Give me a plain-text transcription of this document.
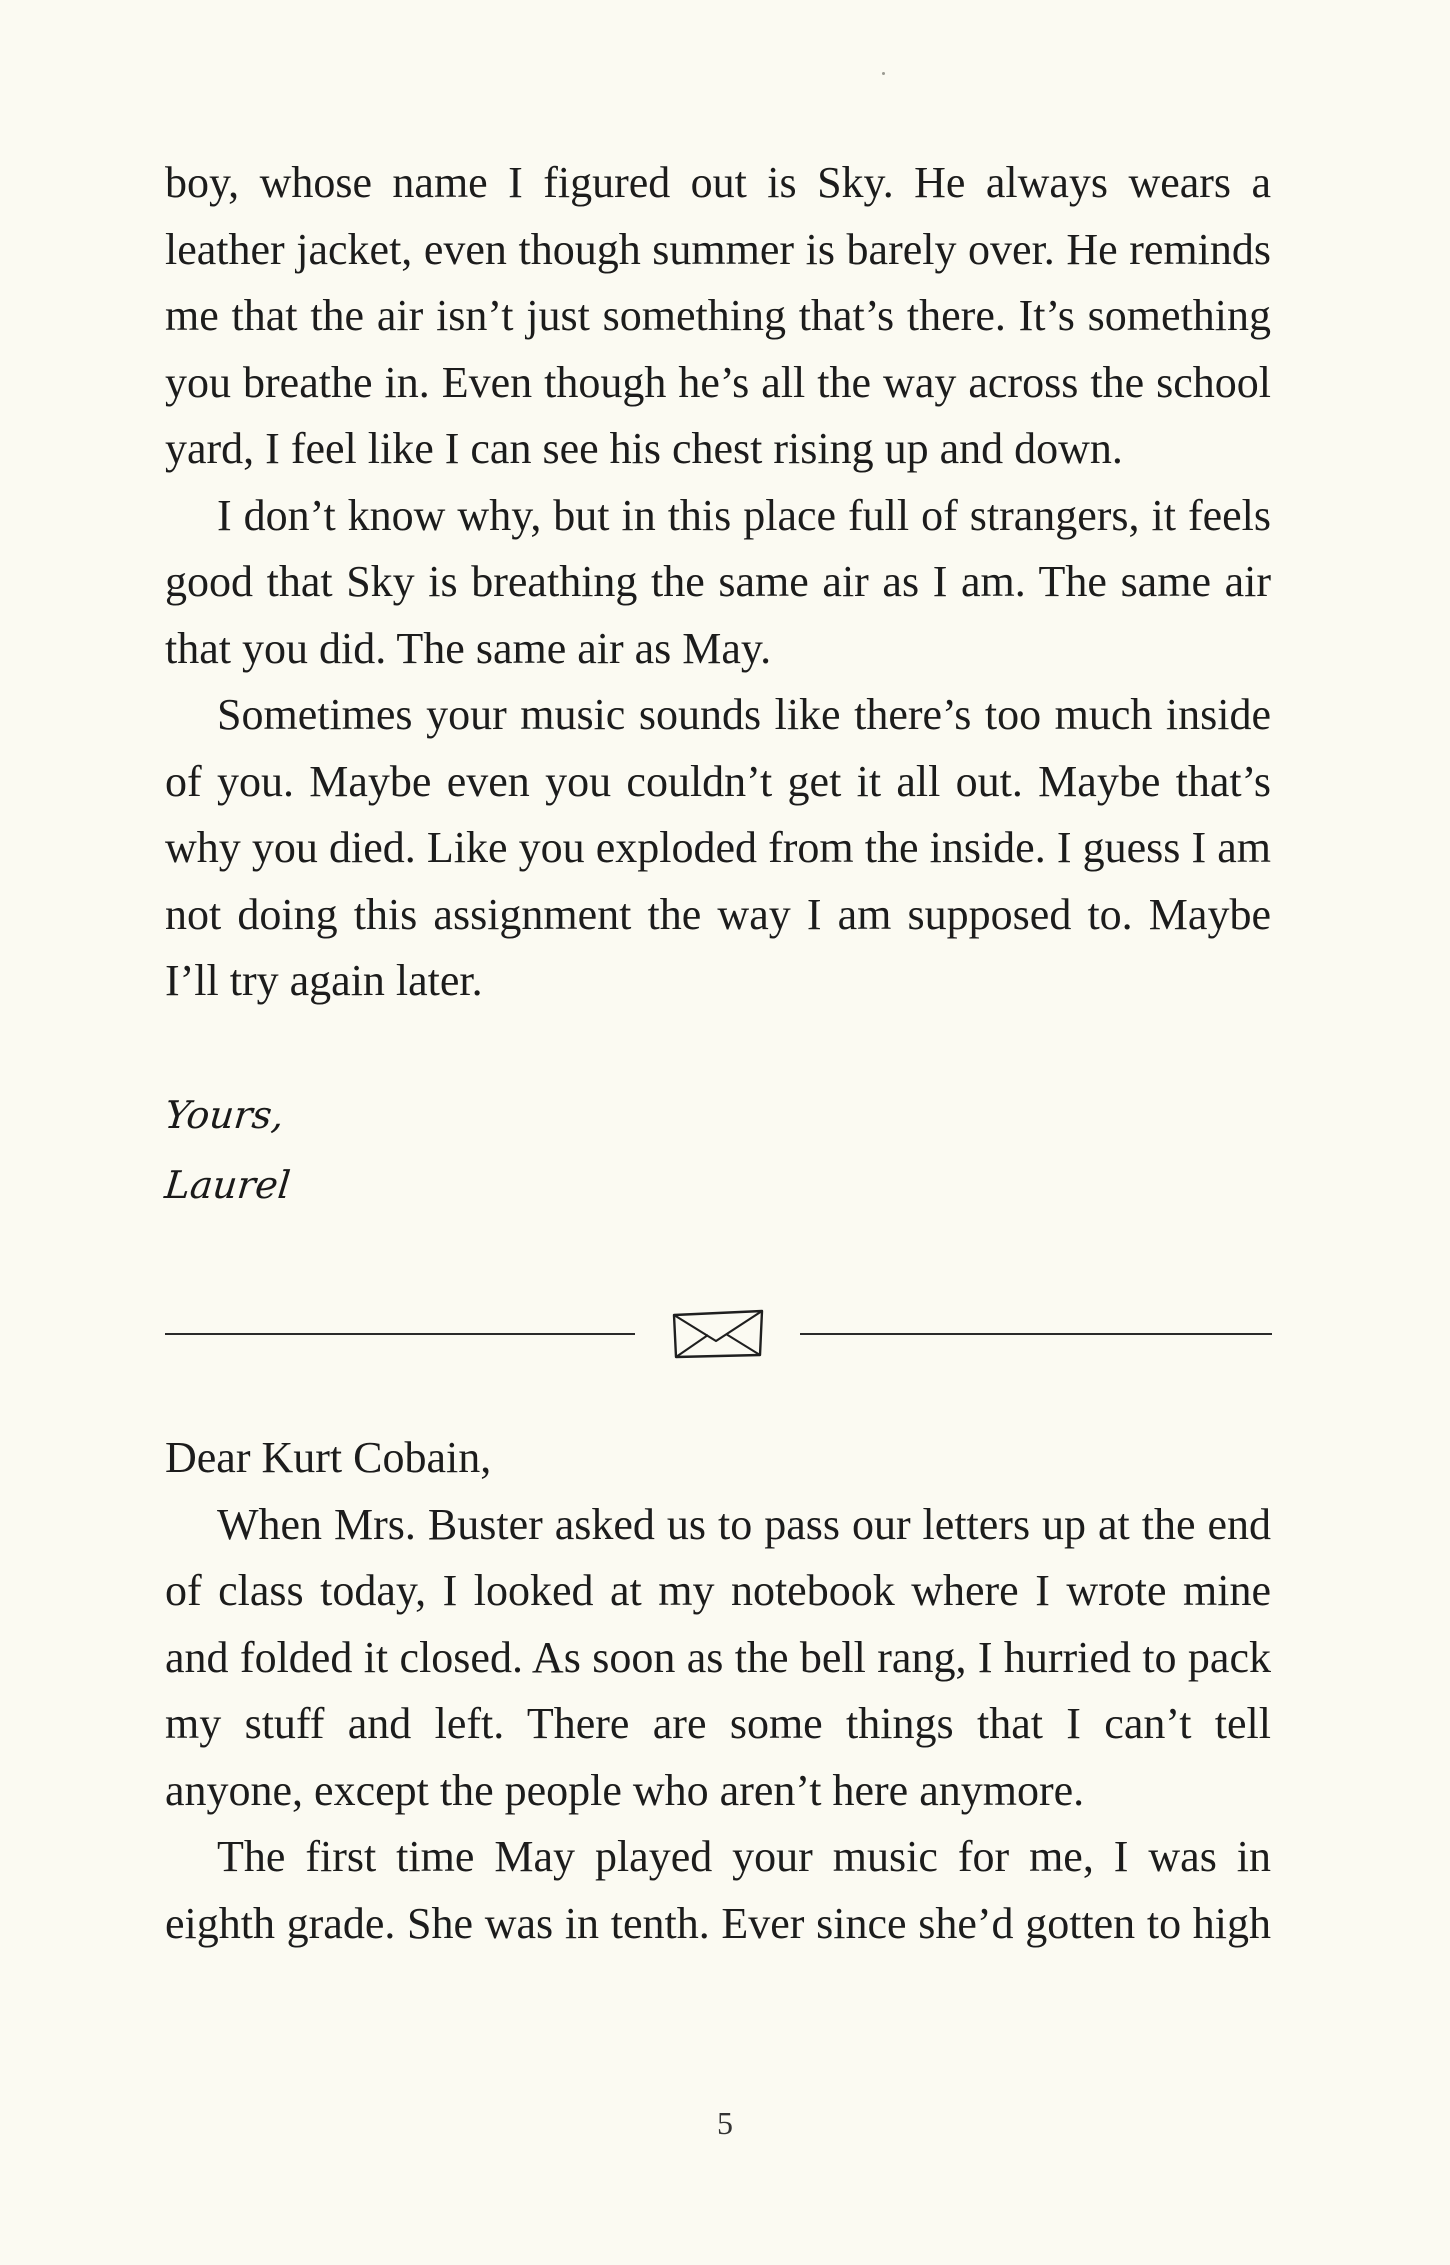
boy, whose name I figured out is Sky. He always wears a leather jacket, even though summer is barely over. He reminds me that the air isn’t just something that’s there. It’s something you breathe in. Even though he’s all the way across the school yard, I feel like I can see his chest rising up and down.

I don’t know why, but in this place full of strangers, it feels good that Sky is breathing the same air as I am. The same air that you did. The same air as May.

Sometimes your music sounds like there’s too much inside of you. Maybe even you couldn’t get it all out. Maybe that’s why you died. Like you exploded from the inside. I guess I am not doing this assignment the way I am supposed to. Maybe I’ll try again later.

Yours,
Laurel

Dear Kurt Cobain,

When Mrs. Buster asked us to pass our letters up at the end of class today, I looked at my notebook where I wrote mine and folded it closed. As soon as the bell rang, I hurried to pack my stuff and left. There are some things that I can’t tell anyone, except the people who aren’t here anymore.

The first time May played your music for me, I was in eighth grade. She was in tenth. Ever since she’d gotten to high

5
